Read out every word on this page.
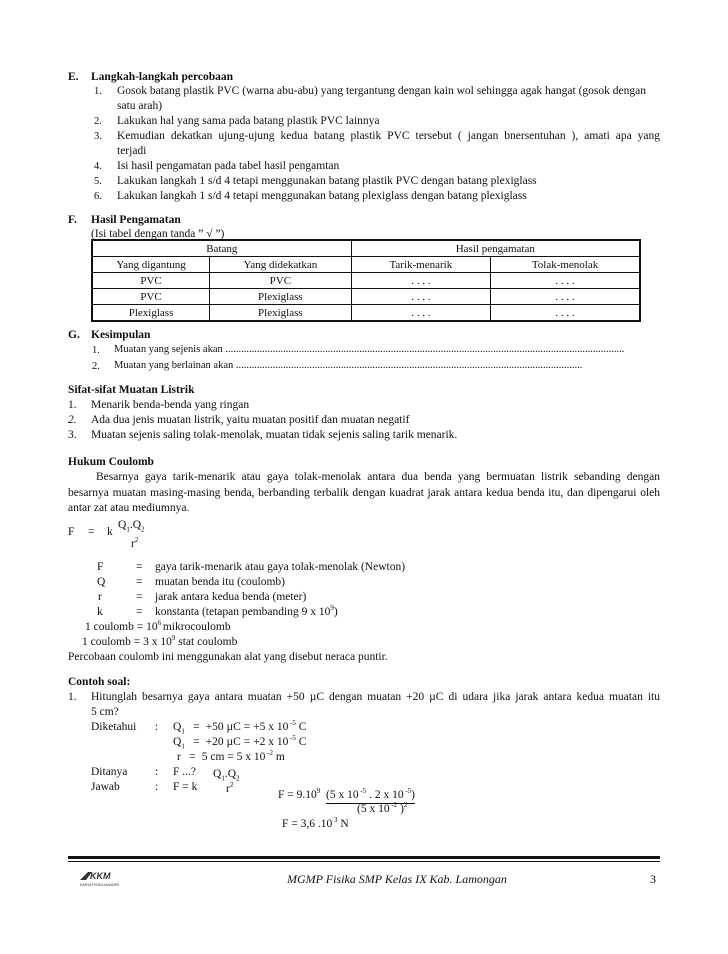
E. Langkah-langkah percobaan
1. Gosok batang plastik PVC (warna abu-abu) yang tergantung dengan kain wol sehingga agak hangat (gosok dengan
satu arah)
2. Lakukan hal yang sama pada batang plastik PVC lainnya
3. Kemudian dekatkan ujung-ujung kedua batang plastik PVC tersebut ( jangan bnersentuhan ), amati apa yang
terjadi
4. Isi hasil pengamatan pada tabel hasil pengamtan
5. Lakukan langkah 1 s/d 4 tetapi menggunakan batang plastik PVC dengan batang plexiglass
6. Lakukan langkah 1 s/d 4 tetapi menggunakan batang plexiglass dengan batang plexiglass
F. Hasil Pengamatan
(Isi tabel dengan tanda ” √ ”)
Batang		Hasil pengamatan	
Yang digantung	Yang didekatkan	Tarik-menarik	Tolak-menolak
PVC	PVC	. . . .	. . . .
PVC	Plexiglass	. . . .	. . . .
Plexiglass	Plexiglass	. . . .	. . . .
G. Kesimpulan
1. Muatan yang sejenis akan ........................................................................................................................................................
2. Muatan yang berlainan akan ....................................................................................................................................
Sifat-sifat Muatan Listrik
1. Menarik benda-benda yang ringan
2. Ada dua jenis muatan listrik, yaitu muatan positif dan muatan negatif
3. Muatan sejenis saling tolak-menolak, muatan tidak sejenis saling tarik menarik.
Hukum Coulomb
Besarnya gaya tarik-menarik atau gaya tolak-menolak antara dua benda yang bermuatan listrik sebanding dengan besarnya muatan masing-masing benda, berbanding terbalik dengan kuadrat jarak antara kedua benda itu, dan dipengarui oleh antar zat atau mediumnya.
F = k
$Q_1.Q_2$
$r^2$
F	= gaya tarik-menarik atau gaya tolak-menolak (Newton)
Q	= muatan benda itu (coulomb)
r	= jarak antara kedua benda (meter)
k	= konstanta (tetapan pembanding 9 x $10^9$)
1 coulomb = $10^6$ mikrocoulomb
1 coulomb = 3 x $10^9$ stat coulomb
Percobaan coulomb ini menggunakan alat yang disebut neraca puntir.
Contoh soal:
1. Hitunglah besarnya gaya antara muatan +50 µC dengan muatan +20 µC di udara jika jarak antara kedua muatan itu
5 cm?
Diketahui : $Q_1 = +50$ µC = +5 x 10 $^{-5}$ C
$Q_1 = +20$ µC = +2 x 10 $^{-5}$ C
r = 5 cm = 5 x 10 $^{-2}$ m
Ditanya : F ...?
Jawab	: F = k
$Q_1.Q_2$
$r^2$
$F = 9.10^9$ (5 x 10 $^{-5}$ . 2 x 10 $^{-5}$)
(5 x 10 $^{-2}$ )$^2$
F = 3,6 .10 $^3$ N
KKM
KARYA FISIKA MANDIRI	MGMP Fisika SMP Kelas IX Kab. Lamongan	3
